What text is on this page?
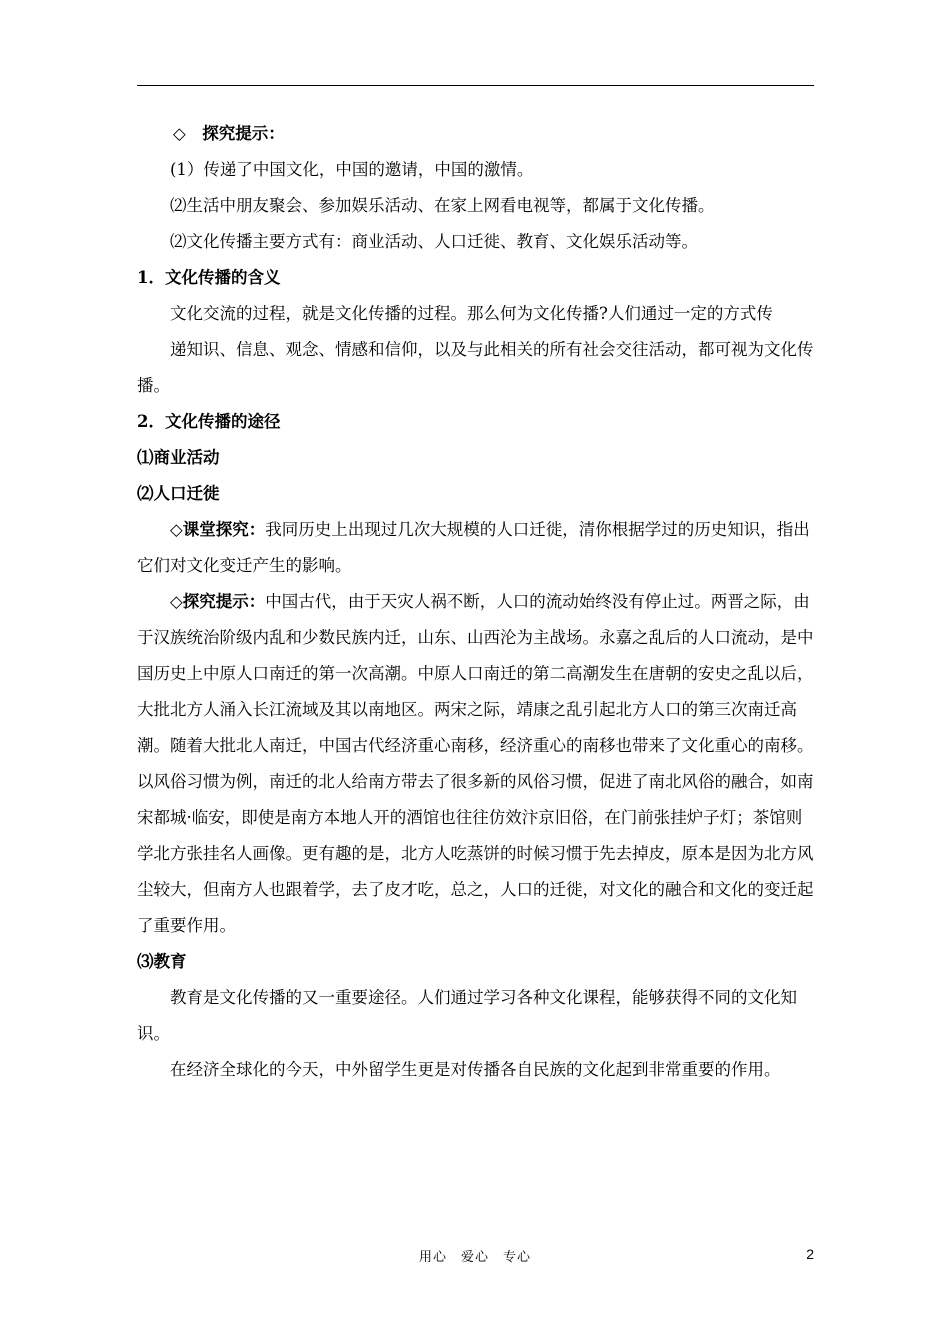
◇　探究提示：

(1）传递了中国文化，中国的邀请，中国的激情。

⑵生活中朋友聚会、参加娱乐活动、在家上网看电视等，都属于文化传播。

⑵文化传播主要方式有：商业活动、人口迁徙、教育、文化娱乐活动等。

1．文化传播的含义

文化交流的过程，就是文化传播的过程。那么何为文化传播?人们通过一定的方式传

递知识、信息、观念、情感和信仰，以及与此相关的所有社会交往活动，都可视为文化传播。

2．文化传播的途径

⑴商业活动

⑵人口迁徙

◇课堂探究：我同历史上出现过几次大规模的人口迁徙，清你根据学过的历史知识，指出它们对文化变迁产生的影响。

◇探究提示：中国古代，由于天灾人祸不断，人口的流动始终没有停止过。两晋之际，由于汉族统治阶级内乱和少数民族内迁，山东、山西沦为主战场。永嘉之乱后的人口流动，是中国历史上中原人口南迁的第一次高潮。中原人口南迁的第二高潮发生在唐朝的安史之乱以后，大批北方人涌入长江流域及其以南地区。两宋之际，靖康之乱引起北方人口的第三次南迁高潮。随着大批北人南迁，中国古代经济重心南移，经济重心的南移也带来了文化重心的南移。以风俗习惯为例，南迁的北人给南方带去了很多新的风俗习惯，促进了南北风俗的融合，如南宋都城·临安，即使是南方本地人开的酒馆也往往仿效汴京旧俗，在门前张挂炉子灯；茶馆则学北方张挂名人画像。更有趣的是，北方人吃蒸饼的时候习惯于先去掉皮，原本是因为北方风尘较大，但南方人也跟着学，去了皮才吃，总之，人口的迁徙，对文化的融合和文化的变迁起了重要作用。

⑶教育

教育是文化传播的又一重要途径。人们通过学习各种文化课程，能够获得不同的文化知识。

在经济全球化的今天，中外留学生更是对传播各自民族的文化起到非常重要的作用。

用心　爱心　专心	2
